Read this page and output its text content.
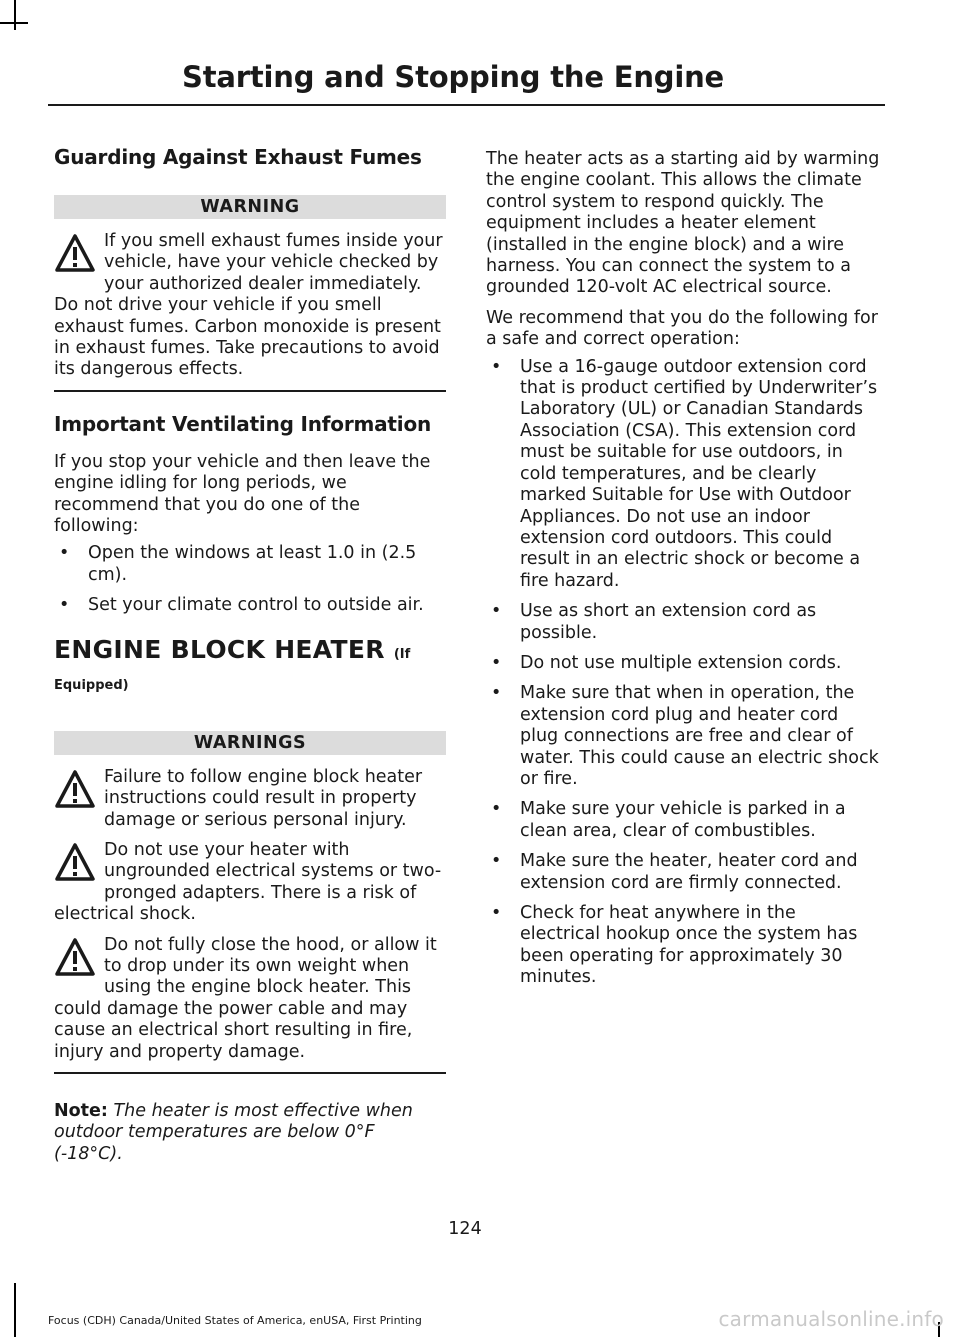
Starting and Stopping the Engine
Guarding Against Exhaust Fumes
WARNING

If you smell exhaust fumes inside your vehicle, have your vehicle checked by your authorized dealer immediately. Do not drive your vehicle if you smell exhaust fumes. Carbon monoxide is present in exhaust fumes. Take precautions to avoid its dangerous effects.

Important Ventilating Information

If you stop your vehicle and then leave the engine idling for long periods, we recommend that you do one of the following:

• Open the windows at least 1.0 in (2.5 cm).
• Set your climate control to outside air.
ENGINE BLOCK HEATER (If
Equipped)
WARNINGS

Failure to follow engine block heater instructions could result in property damage or serious personal injury.

Do not use your heater with ungrounded electrical systems or two-pronged adapters. There is a risk of electrical shock.

Do not fully close the hood, or allow it to drop under its own weight when using the engine block heater. This could damage the power cable and may cause an electrical short resulting in fire, injury and property damage.

Note: The heater is most effective when outdoor temperatures are below 0°F (-18°C).

The heater acts as a starting aid by warming the engine coolant. This allows the climate control system to respond quickly. The equipment includes a heater element (installed in the engine block) and a wire harness. You can connect the system to a grounded 120-volt AC electrical source.

We recommend that you do the following for a safe and correct operation:

• Use a 16-gauge outdoor extension cord that is product certified by Underwriter’s Laboratory (UL) or Canadian Standards Association (CSA). This extension cord must be suitable for use outdoors, in cold temperatures, and be clearly marked Suitable for Use with Outdoor Appliances. Do not use an indoor extension cord outdoors. This could result in an electric shock or become a fire hazard.
• Use as short an extension cord as possible.
• Do not use multiple extension cords.
• Make sure that when in operation, the extension cord plug and heater cord plug connections are free and clear of water. This could cause an electric shock or fire.
• Make sure your vehicle is parked in a clean area, clear of combustibles.
• Make sure the heater, heater cord and extension cord are firmly connected.
• Check for heat anywhere in the electrical hookup once the system has been operating for approximately 30 minutes.
124
Focus (CDH) Canada/United States of America, enUSA, First Printing	carmanualsonline.info
